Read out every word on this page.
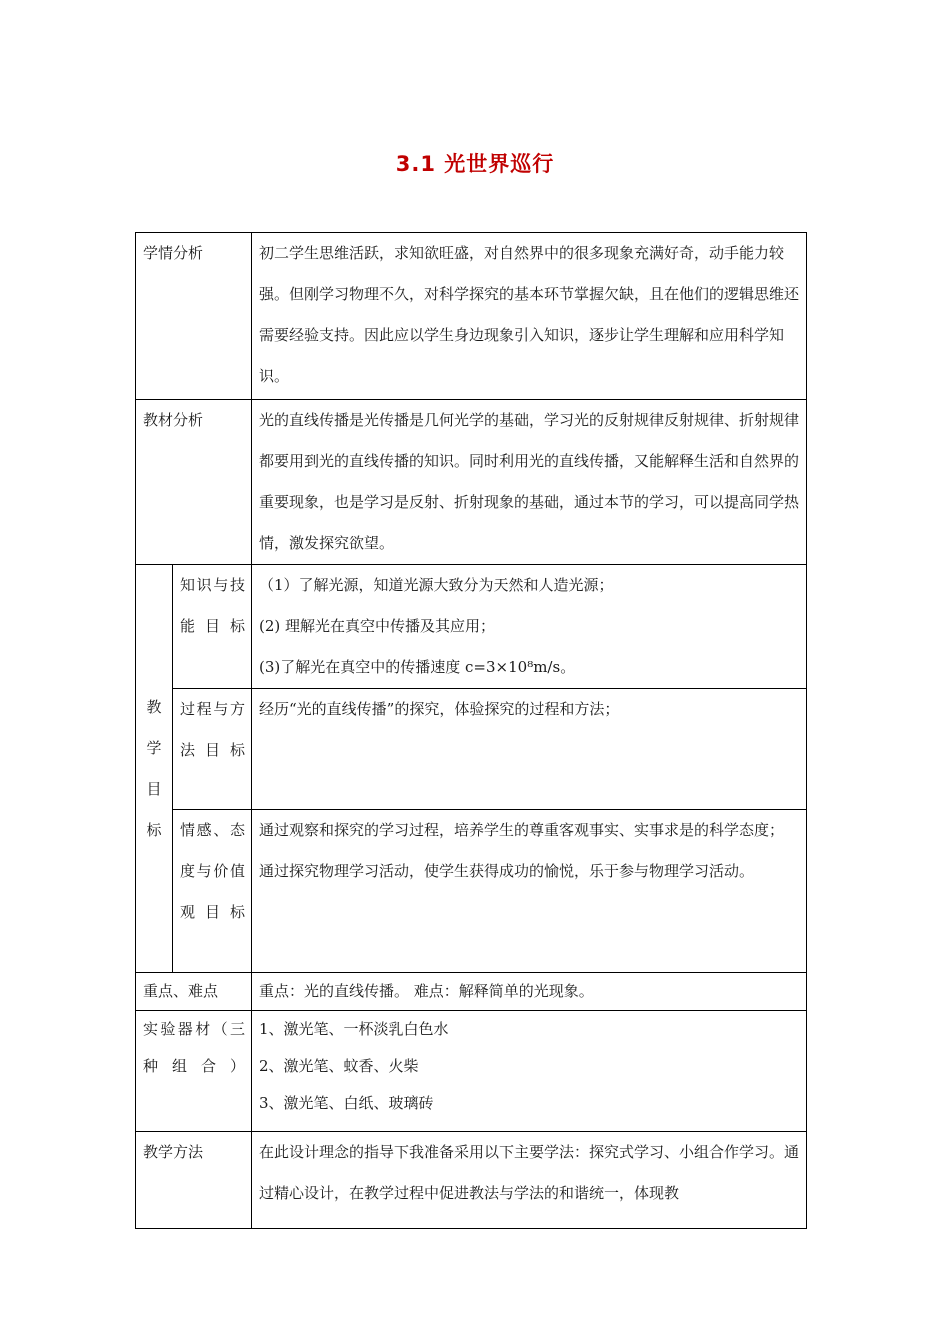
3.1 光世界巡行
学情分析		初二学生思维活跃，求知欲旺盛，对自然界中的很多现象充满好奇，动手能力较强。但刚学习物理不久，对科学探究的基本环节掌握欠缺，且在他们的逻辑思维还需要经验支持。因此应以学生身边现象引入知识，逐步让学生理解和应用科学知识。
教材分析		光的直线传播是光传播是几何光学的基础，学习光的反射规律反射规律、折射规律都要用到光的直线传播的知识。同时利用光的直线传播，又能解释生活和自然界的重要现象，也是学习是反射、折射现象的基础，通过本节的学习，可以提高同学热情，激发探究欲望。

教学目标	知识与技能目标	（1）了解光源，知道光源大致分为天然和人造光源；
(2) 理解光在真空中传播及其应用；
(3)了解光在真空中的传播速度 c=3×10⁸m/s。

	过程与方法目标	经历“光的直线传播”的探究，体验探究的过程和方法；

	情感、态度与价值观目标	通过观察和探究的学习过程，培养学生的尊重客观事实、实事求是的科学态度；
通过探究物理学习活动，使学生获得成功的愉悦，乐于参与物理学习活动。

重点、难点		重点：光的直线传播。 难点：解释简单的光现象。

实验器材（三种组合）		1、激光笔、一杯淡乳白色水
2、激光笔、蚊香、火柴
3、激光笔、白纸、玻璃砖

教学方法		在此设计理念的指导下我准备采用以下主要学法：探究式学习、小组合作学习。通过精心设计，在教学过程中促进教法与学法的和谐统一，体现教
